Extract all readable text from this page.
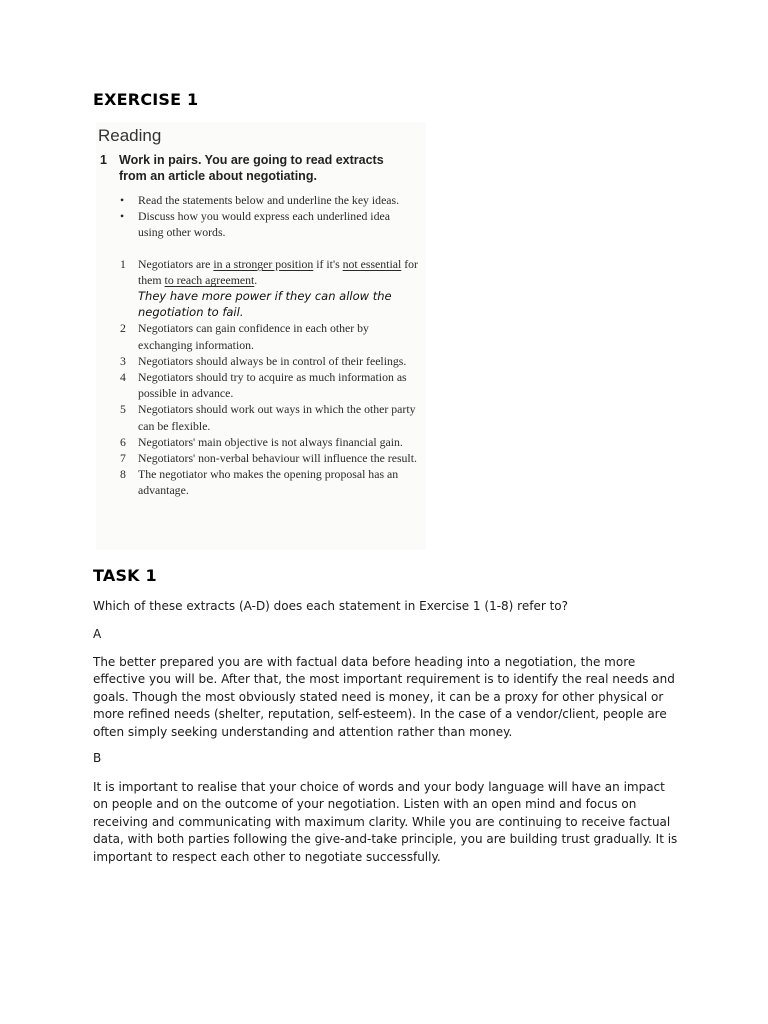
EXERCISE 1
Reading
1 Work in pairs. You are going to read extracts from an article about negotiating.
• Read the statements below and underline the key ideas.
• Discuss how you would express each underlined idea using other words.
1 Negotiators are in a stronger position if it's not essential for them to reach agreement.
They have more power if they can allow the negotiation to fail.
2 Negotiators can gain confidence in each other by exchanging information.
3 Negotiators should always be in control of their feelings.
4 Negotiators should try to acquire as much information as possible in advance.
5 Negotiators should work out ways in which the other party can be flexible.
6 Negotiators' main objective is not always financial gain.
7 Negotiators' non-verbal behaviour will influence the result.
8 The negotiator who makes the opening proposal has an advantage.
TASK 1

Which of these extracts (A-D) does each statement in Exercise 1 (1-8) refer to?

A

The better prepared you are with factual data before heading into a negotiation, the more effective you will be. After that, the most important requirement is to identify the real needs and goals. Though the most obviously stated need is money, it can be a proxy for other physical or more refined needs (shelter, reputation, self-esteem). In the case of a vendor/client, people are often simply seeking understanding and attention rather than money.

B

It is important to realise that your choice of words and your body language will have an impact on people and on the outcome of your negotiation. Listen with an open mind and focus on receiving and communicating with maximum clarity. While you are continuing to receive factual data, with both parties following the give-and-take principle, you are building trust gradually. It is important to respect each other to negotiate successfully.
